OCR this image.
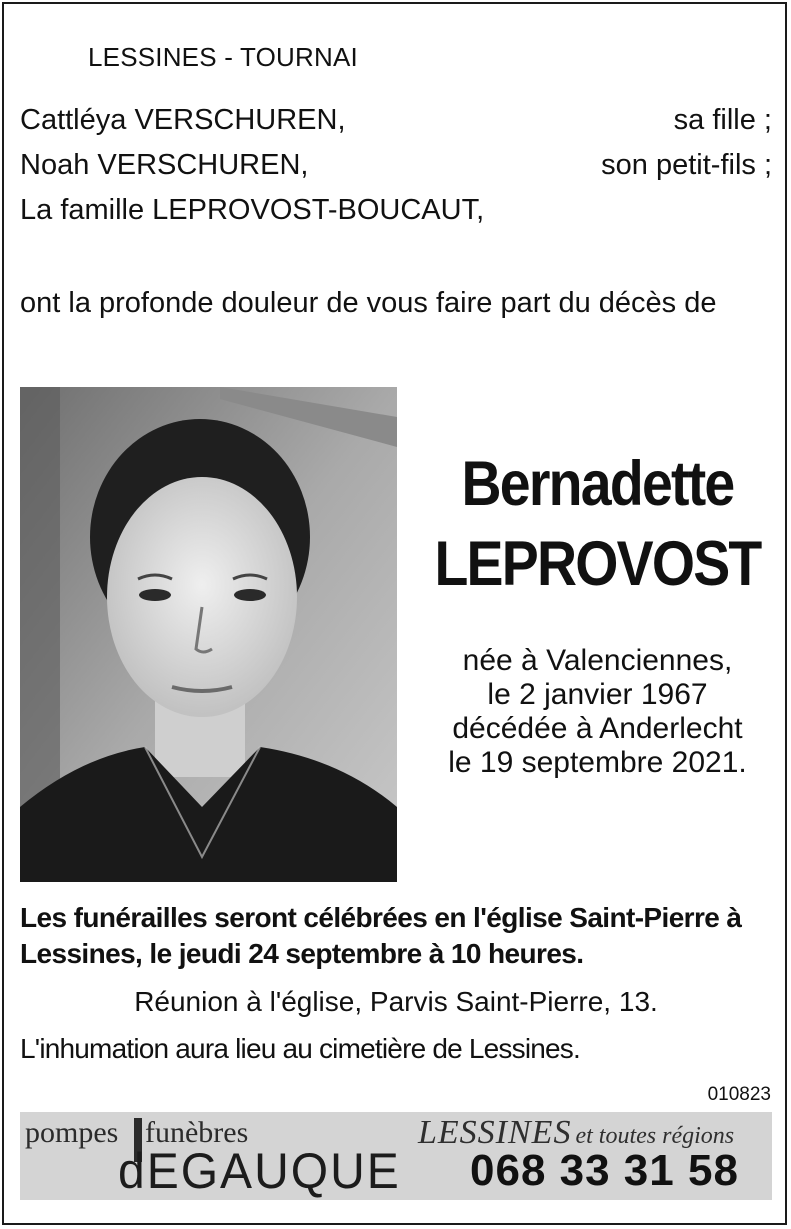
LESSINES - TOURNAI
Cattléya VERSCHUREN,	sa fille ;
Noah VERSCHUREN,	son petit-fils ;
La famille LEPROVOST-BOUCAUT,
ont la profonde douleur de vous faire part du décès de
Bernadette
LEPROVOST
née à Valenciennes,
le 2 janvier 1967
décédée à Anderlecht
le 19 septembre 2021.
Les funérailles seront célébrées en l'église Saint-Pierre à Lessines, le jeudi 24 septembre à 10 heures.
Réunion à l'église, Parvis Saint-Pierre, 13.
L'inhumation aura lieu au cimetière de Lessines.
010823
pompes funèbres
dEGAUQUE
LESSINES et toutes régions
068 33 31 58
